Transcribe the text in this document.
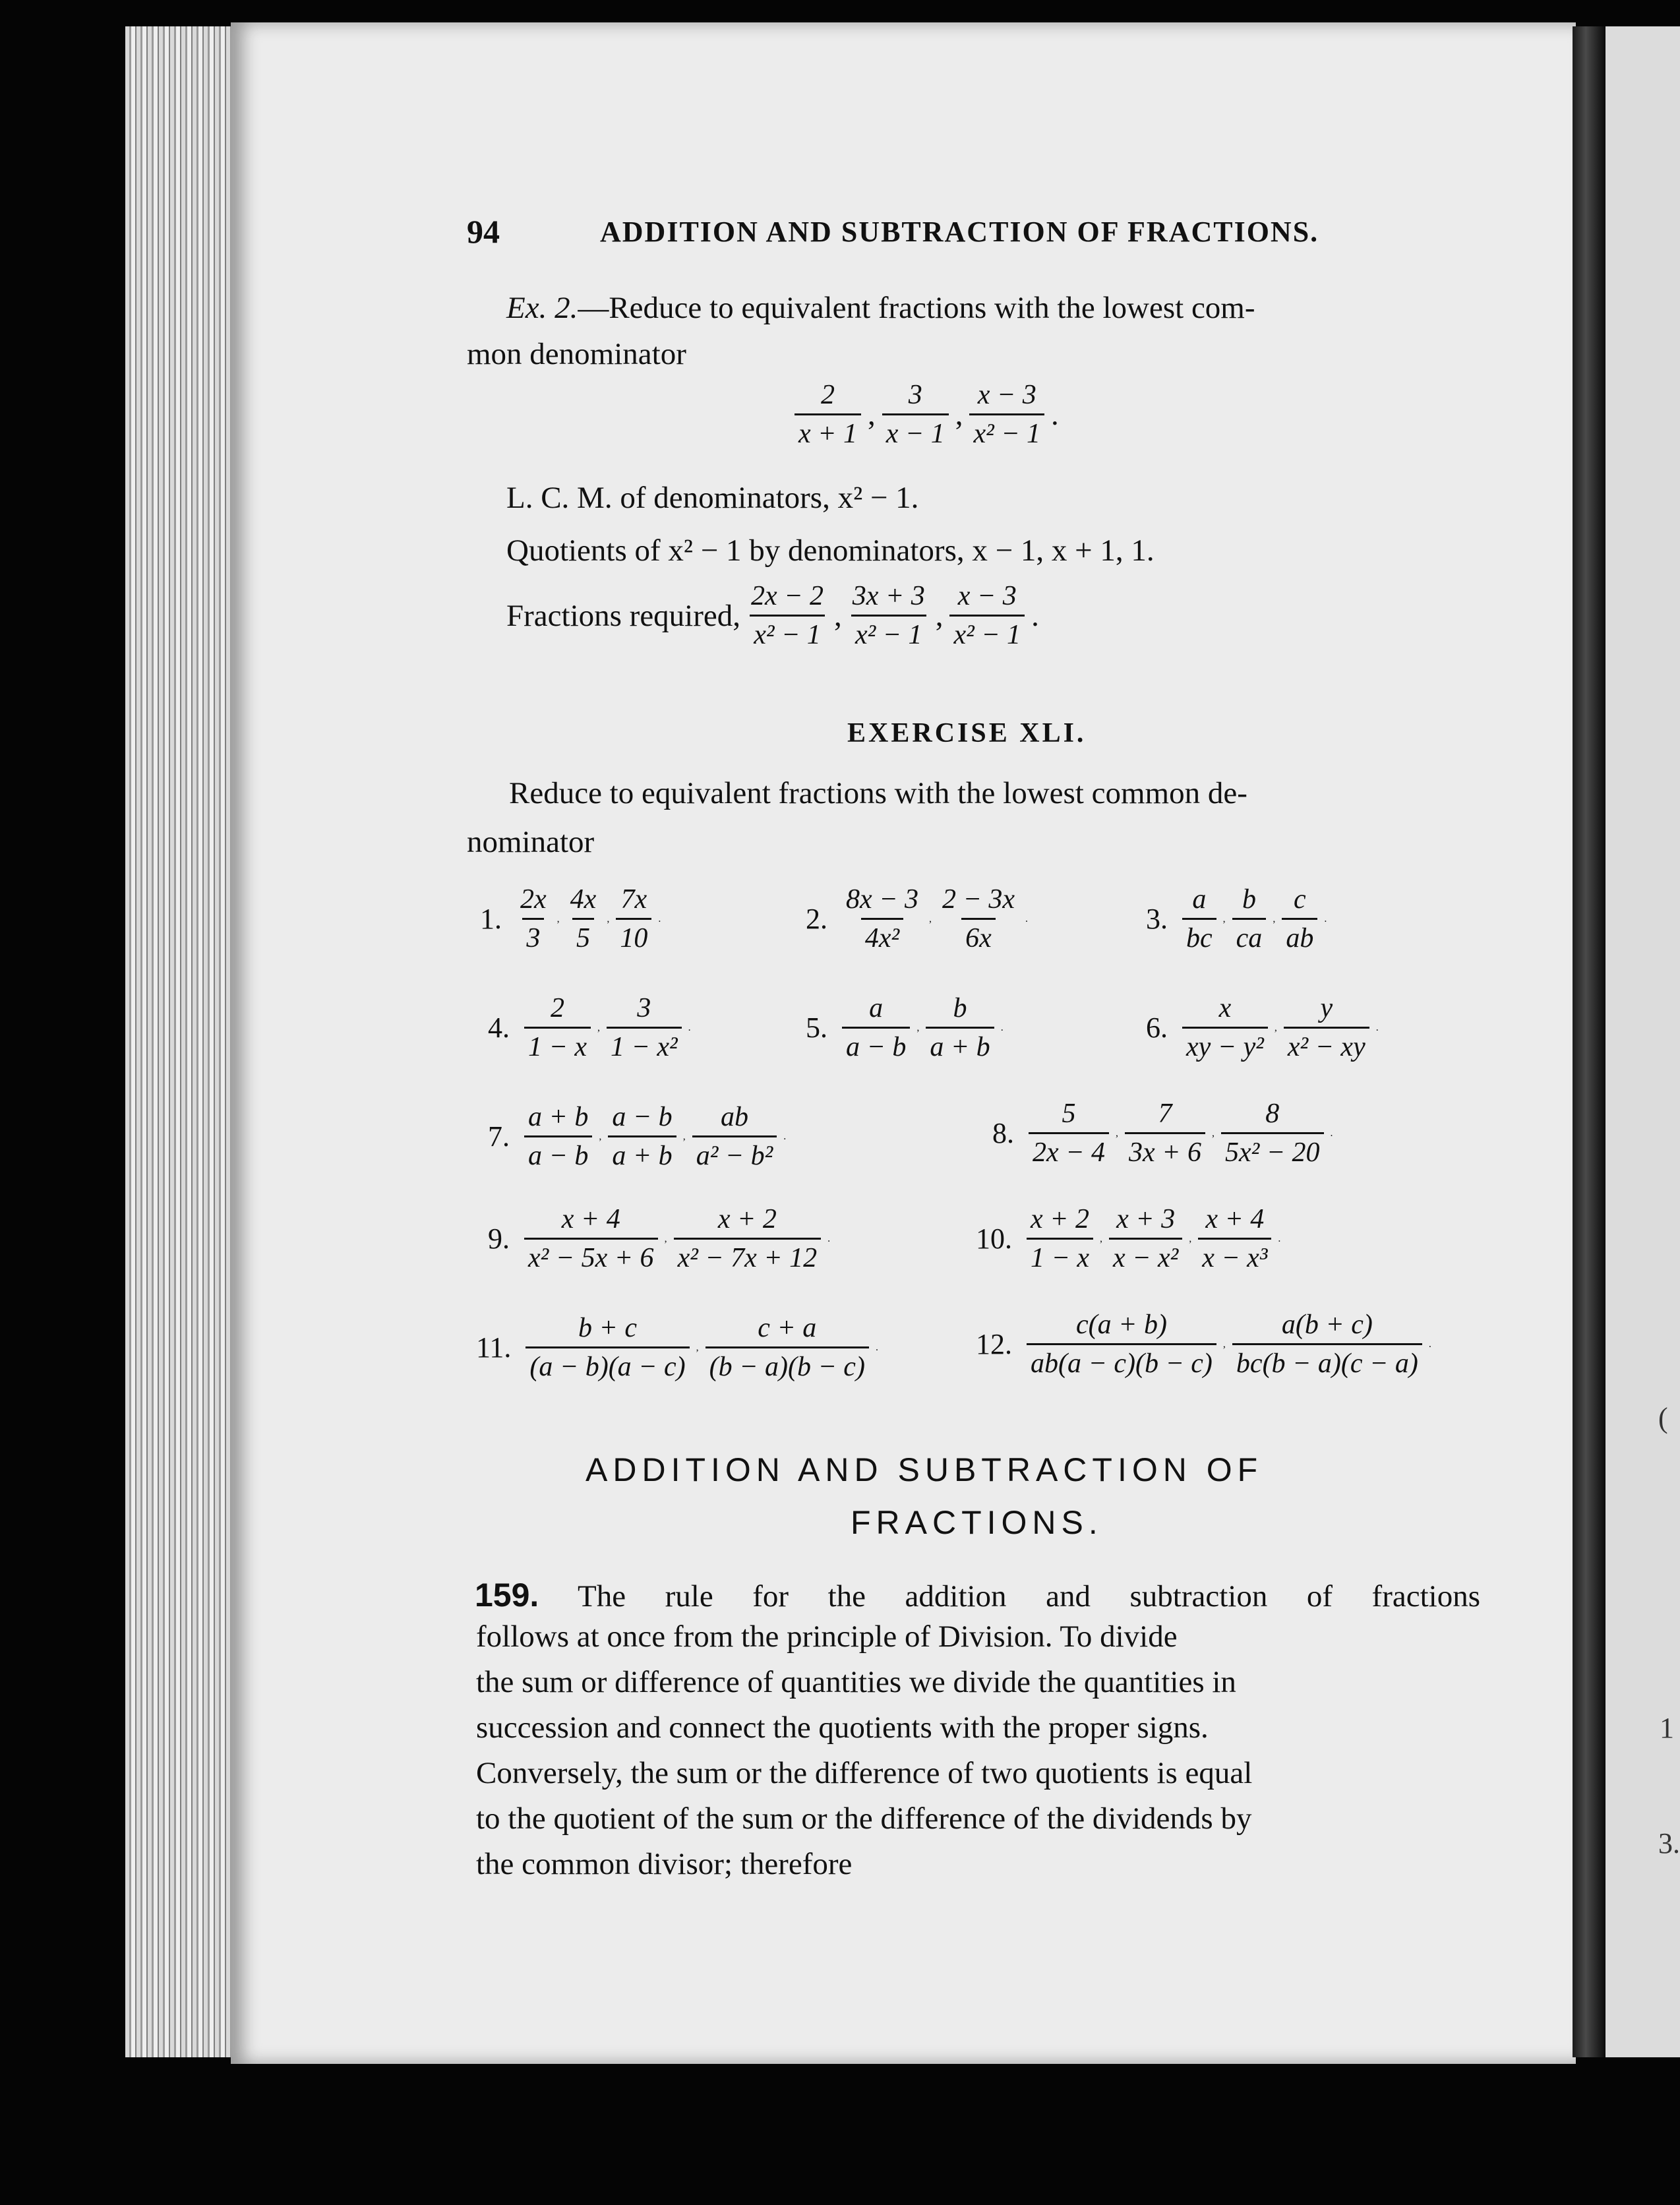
(
1
3.
94	ADDITION AND SUBTRACTION OF FRACTIONS.
Ex. 2.—Reduce to equivalent fractions with the lowest com-
mon denominator
$\frac{2}{x + 1}$ , $\frac{3}{x - 1}$ , $\frac{x - 3}{\text{x² − 1}}$ .
L. C. M. of denominators, x² − 1.
Quotients of x² − 1 by denominators, x − 1, x + 1, 1.
Fractions required, $\frac{2x - 2}{\text{x² − 1}}$ , $\frac{3x + 3}{\text{x² − 1}}$ , $\frac{x - 3}{\text{x² − 1}}$ .
EXERCISE XLI.
Reduce to equivalent fractions with the lowest common de-
nominator
1. $\frac{2x}{3}$ , $\frac{4x}{5}$ , $\frac{7x}{10}$ .	2. $\frac{8x - 3}{\text{4x²}}$ , $\frac{2 - 3x}{6x}$ .	3. $\frac{a}{bc}$ , $\frac{b}{ca}$ , $\frac{c}{ab}$ .
4. $\frac{2}{1 - x}$ , $\frac{3}{\text{1 − x²}}$ .	5. $\frac{a}{a - b}$ , $\frac{b}{a + b}$ .	6. $\frac{x}{\text{xy − y²}}$ , $\frac{y}{\text{x² − xy}}$ .
7. $\frac{a + b}{a - b}$ , $\frac{a - b}{a + b}$ , $\frac{ab}{\text{a² − b²}}$ .	8. $\frac{5}{2x - 4}$ , $\frac{7}{3x + 6}$ , $\frac{8}{\text{5x² − 20}}$ .
9. $\frac{x + 4}{\text{x² − 5x + 6}}$ , $\frac{x + 2}{\text{x² − 7x + 12}}$ .	10. $\frac{x + 2}{1 - x}$ , $\frac{x + 3}{\text{x − x²}}$ , $\frac{x + 4}{\text{x − x³}}$ .
11. $\frac{b + c}{(a - b)(a - c)}$ , $\frac{c + a}{(b - a)(b - c)}$ .	12. $\frac{c(a + b)}{ab(a - c)(b - c)}$ , $\frac{a(b + c)}{bc(b - a)(c - a)}$ .
ADDITION AND SUBTRACTION OF
FRACTIONS.
159. The rule for the addition and subtraction of fractions
follows at once from the principle of Division. To divide
the sum or difference of quantities we divide the quantities in
succession and connect the quotients with the proper signs.
Conversely, the sum or the difference of two quotients is equal
to the quotient of the sum or the difference of the dividends by
the common divisor; therefore
